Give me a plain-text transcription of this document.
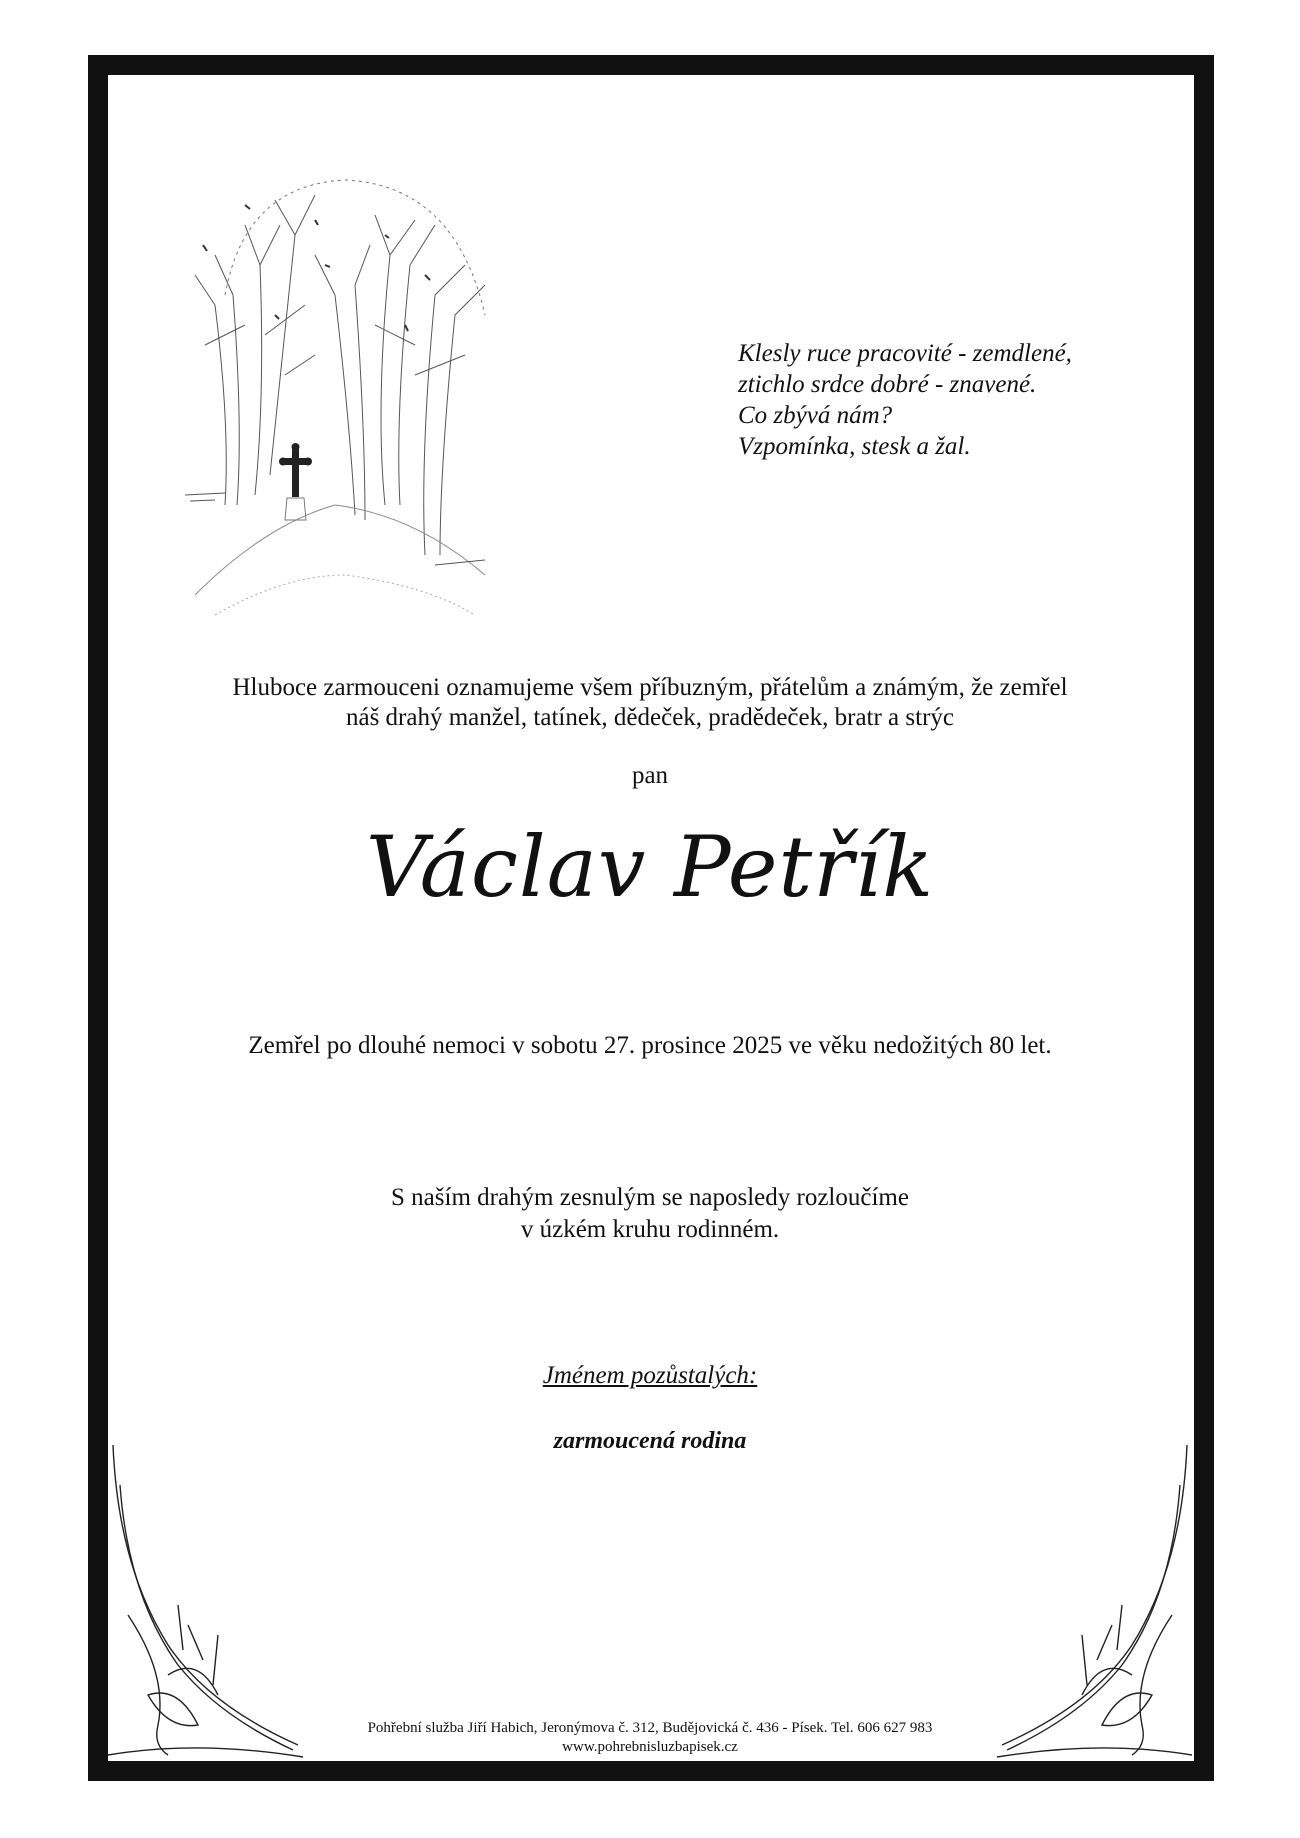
Klesly ruce pracovité - zemdlené,
ztichlo srdce dobré - znavené.
Co zbývá nám?
Vzpomínka, stesk a žal.
Hluboce zarmouceni oznamujeme všem příbuzným, přátelům a známým, že zemřel
náš drahý manžel, tatínek, dědeček, pradědeček, bratr a strýc
pan
Václav Petřík
Zemřel po dlouhé nemoci v sobotu 27. prosince 2025 ve věku nedožitých 80 let.
S naším drahým zesnulým se naposledy rozloučíme
v úzkém kruhu rodinném.
Jménem pozůstalých:
zarmoucená rodina
Pohřební služba Jiří Habich, Jeronýmova č. 312, Budějovická č. 436 - Písek. Tel. 606 627 983
www.pohrebnisluzbapisek.cz
